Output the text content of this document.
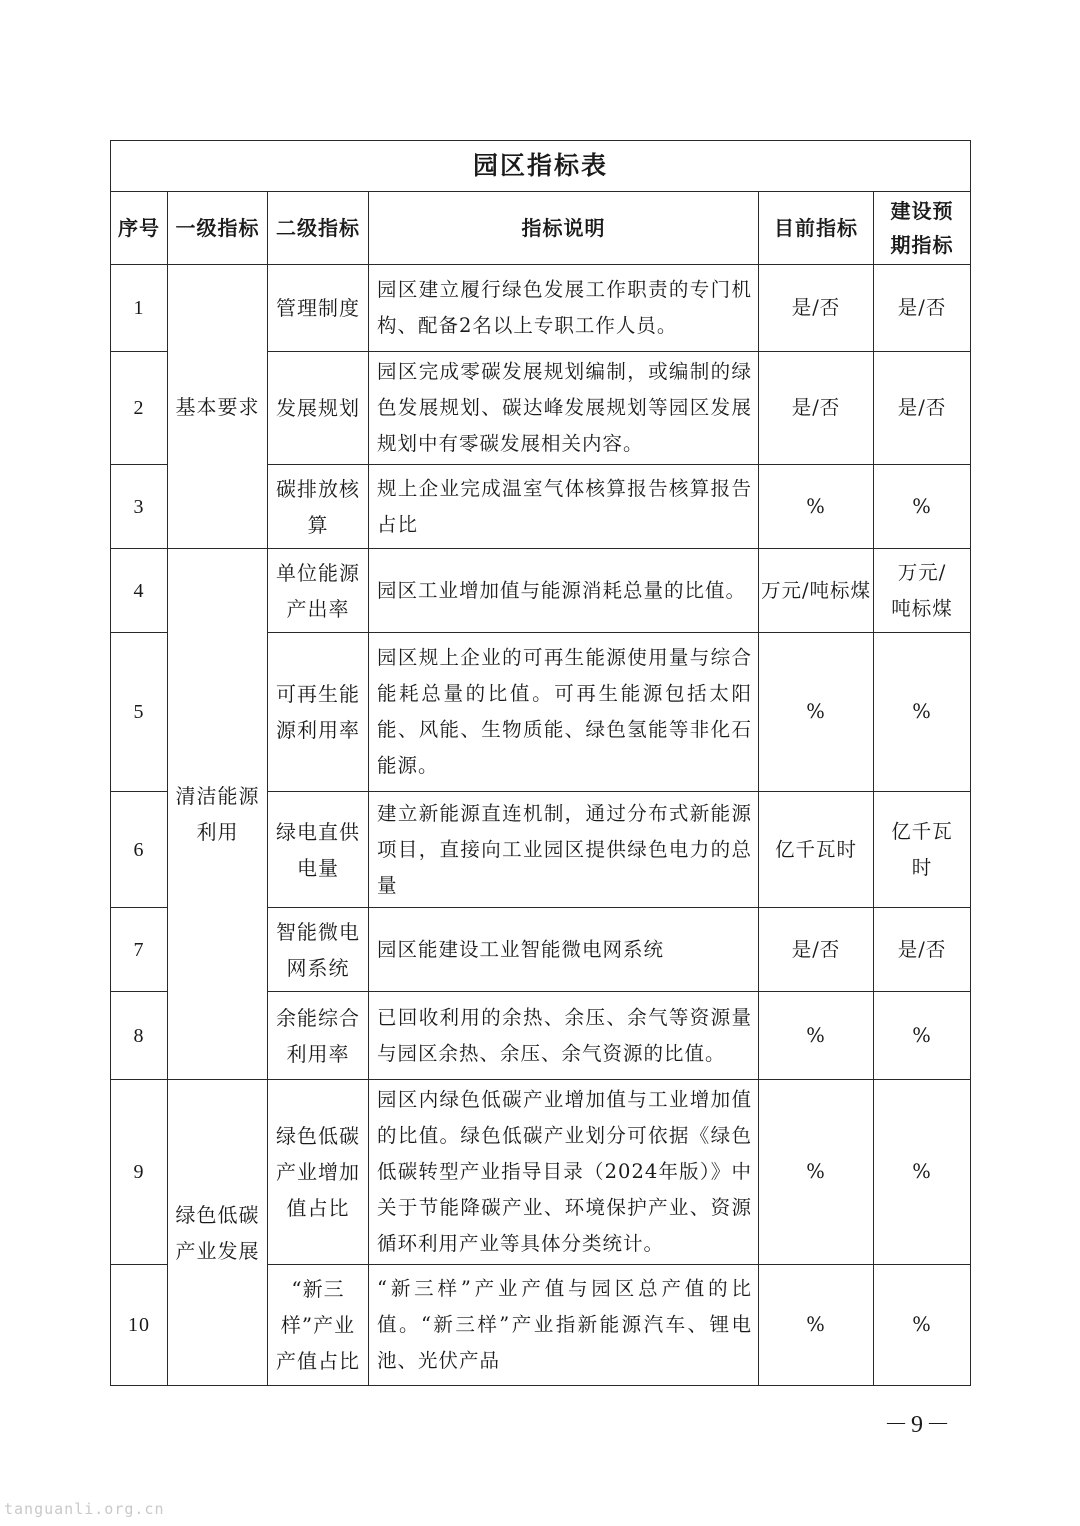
园区指标表					
序号	一级指标	二级指标	指标说明	目前指标	建设预期指标
1	基本要求	管理制度	园区建立履行绿色发展工作职责的专门机构、配备2名以上专职工作人员。	是/否	是/否
2		发展规划	园区完成零碳发展规划编制，或编制的绿色发展规划、碳达峰发展规划等园区发展规划中有零碳发展相关内容。	是/否	是/否
3		碳排放核算	规上企业完成温室气体核算报告核算报告占比	%	%
4	清洁能源利用	单位能源产出率	园区工业增加值与能源消耗总量的比值。	万元/吨标煤	万元/吨标煤
5		可再生能源利用率	园区规上企业的可再生能源使用量与综合能耗总量的比值。可再生能源包括太阳能、风能、生物质能、绿色氢能等非化石能源。	%	%
6		绿电直供电量	建立新能源直连机制，通过分布式新能源项目，直接向工业园区提供绿色电力的总量	亿千瓦时	亿千瓦时
7		智能微电网系统	园区能建设工业智能微电网系统	是/否	是/否
8		余能综合利用率	已回收利用的余热、余压、余气等资源量与园区余热、余压、余气资源的比值。	%	%
9	绿色低碳产业发展	绿色低碳产业增加值占比	园区内绿色低碳产业增加值与工业增加值的比值。绿色低碳产业划分可依据《绿色低碳转型产业指导目录（2024年版）》中关于节能降碳产业、环境保护产业、资源循环利用产业等具体分类统计。	%	%
10		“新三样”产业产值占比	“新三样”产业产值与园区总产值的比值。“新三样”产业指新能源汽车、锂电池、光伏产品	%	%
－9－
tanguanli.org.cn
